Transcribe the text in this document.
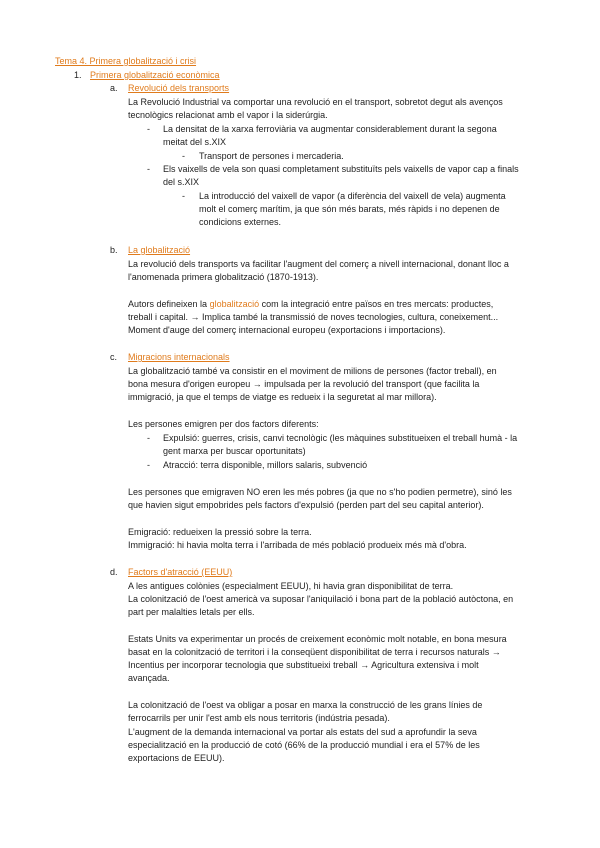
Tema 4. Primera globalització i crisi
1. Primera globalització econòmica
a. Revolució dels transports
La Revolució Industrial va comportar una revolució en el transport, sobretot degut als avenços
tecnològics relacionat amb el vapor i la siderúrgia.
- La densitat de la xarxa ferroviària va augmentar considerablement durant la segona
meitat del s.XIX
- Transport de persones i mercaderia.
- Els vaixells de vela son quasi completament substituïts pels vaixells de vapor cap a finals
del s.XIX
- La introducció del vaixell de vapor (a diferència del vaixell de vela) augmenta
molt el comerç marítim, ja que són més barats, més ràpids i no depenen de
condicions externes.
b. La globalització
La revolució dels transports va facilitar l'augment del comerç a nivell internacional, donant lloc a
l'anomenada primera globalització (1870-1913).
Autors defineixen la globalització com la integració entre països en tres mercats: productes,
treball i capital. → Implica també la transmissió de noves tecnologies, cultura, coneixement...
Moment d'auge del comerç internacional europeu (exportacions i importacions).
c. Migracions internacionals
La globalització també va consistir en el moviment de milions de persones (factor treball), en
bona mesura d'origen europeu → impulsada per la revolució del transport (que facilita la
immigració, ja que el temps de viatge es redueix i la seguretat al mar millora).
Les persones emigren per dos factors diferents:
- Expulsió: guerres, crisis, canvi tecnològic (les màquines substitueixen el treball humà - la
gent marxa per buscar oportunitats)
- Atracció: terra disponible, millors salaris, subvenció
Les persones que emigraven NO eren les més pobres (ja que no s'ho podien permetre), sinó les
que havien sigut empobrides pels factors d'expulsió (perden part del seu capital anterior).
Emigració: redueixen la pressió sobre la terra.
Immigració: hi havia molta terra i l'arribada de més població produeix més mà d'obra.
d. Factors d'atracció (EEUU)
A les antigues colònies (especialment EEUU), hi havia gran disponibilitat de terra.
La colonització de l'oest americà va suposar l'aniquilació i bona part de la població autòctona, en
part per malalties letals per ells.
Estats Units va experimentar un procés de creixement econòmic molt notable, en bona mesura
basat en la colonització de territori i la conseqüent disponibilitat de terra i recursos naturals →
Incentius per incorporar tecnologia que substitueixi treball → Agricultura extensiva i molt
avançada.
La colonització de l'oest va obligar a posar en marxa la construcció de les grans línies de
ferrocarrils per unir l'est amb els nous territoris (indústria pesada).
L'augment de la demanda internacional va portar als estats del sud a aprofundir la seva
especialització en la producció de cotó (66% de la producció mundial i era el 57% de les
exportacions de EEUU).
